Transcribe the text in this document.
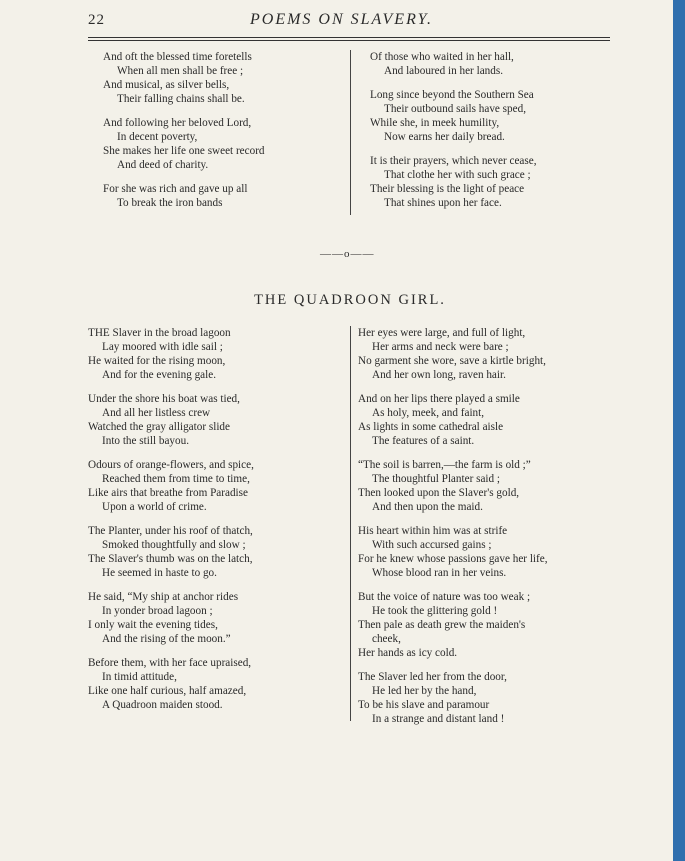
22	POEMS ON SLAVERY.
And oft the blessed time foretells
When all men shall be free ;
And musical, as silver bells,
Their falling chains shall be.
And following her beloved Lord,
In decent poverty,
She makes her life one sweet record
And deed of charity.
For she was rich and gave up all
To break the iron bands
Of those who waited in her hall,
And laboured in her lands.
Long since beyond the Southern Sea
Their outbound sails have sped,
While she, in meek humility,
Now earns her daily bread.
It is their prayers, which never cease,
That clothe her with such grace ;
Their blessing is the light of peace
That shines upon her face.
——o——
THE QUADROON GIRL.
THE Slaver in the broad lagoon
Lay moored with idle sail ;
He waited for the rising moon,
And for the evening gale.
Under the shore his boat was tied,
And all her listless crew
Watched the gray alligator slide
Into the still bayou.
Odours of orange-flowers, and spice,
Reached them from time to time,
Like airs that breathe from Paradise
Upon a world of crime.
The Planter, under his roof of thatch,
Smoked thoughtfully and slow ;
The Slaver's thumb was on the latch,
He seemed in haste to go.
He said, “My ship at anchor rides
In yonder broad lagoon ;
I only wait the evening tides,
And the rising of the moon.”
Before them, with her face upraised,
In timid attitude,
Like one half curious, half amazed,
A Quadroon maiden stood.
Her eyes were large, and full of light,
Her arms and neck were bare ;
No garment she wore, save a kirtle bright,
And her own long, raven hair.
And on her lips there played a smile
As holy, meek, and faint,
As lights in some cathedral aisle
The features of a saint.
“The soil is barren,—the farm is old ;”
The thoughtful Planter said ;
Then looked upon the Slaver's gold,
And then upon the maid.
His heart within him was at strife
With such accursed gains ;
For he knew whose passions gave her life,
Whose blood ran in her veins.
But the voice of nature was too weak ;
He took the glittering gold !
Then pale as death grew the maiden's
cheek,
Her hands as icy cold.
The Slaver led her from the door,
He led her by the hand,
To be his slave and paramour
In a strange and distant land !
